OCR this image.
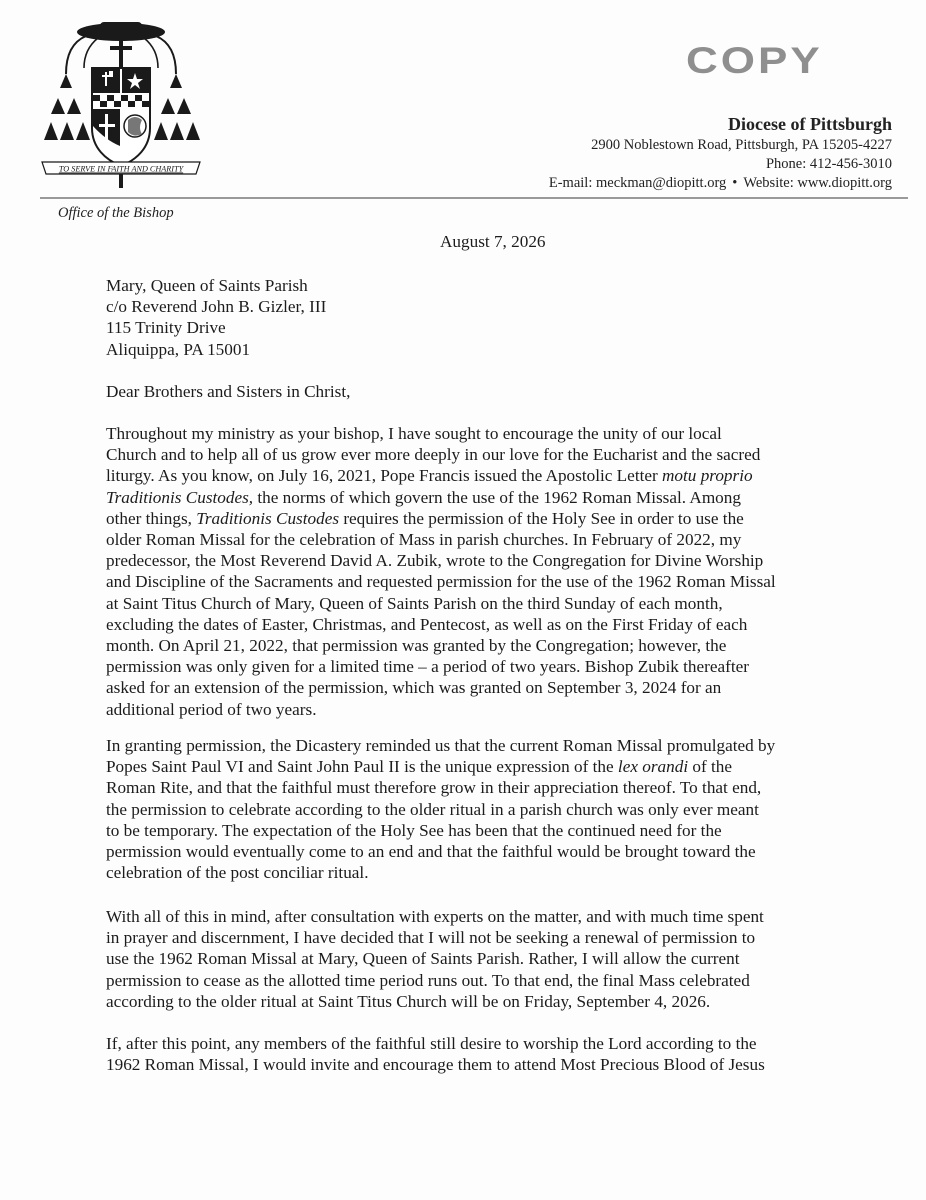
TO SERVE IN FAITH AND CHARITY
COPY
Diocese of Pittsburgh
2900 Noblestown Road, Pittsburgh, PA 15205-4227
Phone: 412-456-3010
E-mail: meckman@diopitt.org • Website: www.diopitt.org
Office of the Bishop
August 7, 2026
Mary, Queen of Saints Parish
c/o Reverend John B. Gizler, III
115 Trinity Drive
Aliquippa, PA 15001
Dear Brothers and Sisters in Christ,
Throughout my ministry as your bishop, I have sought to encourage the unity of our local
Church and to help all of us grow ever more deeply in our love for the Eucharist and the sacred
liturgy. As you know, on July 16, 2021, Pope Francis issued the Apostolic Letter motu proprio
Traditionis Custodes, the norms of which govern the use of the 1962 Roman Missal. Among
other things, Traditionis Custodes requires the permission of the Holy See in order to use the
older Roman Missal for the celebration of Mass in parish churches. In February of 2022, my
predecessor, the Most Reverend David A. Zubik, wrote to the Congregation for Divine Worship
and Discipline of the Sacraments and requested permission for the use of the 1962 Roman Missal
at Saint Titus Church of Mary, Queen of Saints Parish on the third Sunday of each month,
excluding the dates of Easter, Christmas, and Pentecost, as well as on the First Friday of each
month. On April 21, 2022, that permission was granted by the Congregation; however, the
permission was only given for a limited time – a period of two years. Bishop Zubik thereafter
asked for an extension of the permission, which was granted on September 3, 2024 for an
additional period of two years.
In granting permission, the Dicastery reminded us that the current Roman Missal promulgated by
Popes Saint Paul VI and Saint John Paul II is the unique expression of the lex orandi of the
Roman Rite, and that the faithful must therefore grow in their appreciation thereof. To that end,
the permission to celebrate according to the older ritual in a parish church was only ever meant
to be temporary. The expectation of the Holy See has been that the continued need for the
permission would eventually come to an end and that the faithful would be brought toward the
celebration of the post conciliar ritual.
With all of this in mind, after consultation with experts on the matter, and with much time spent
in prayer and discernment, I have decided that I will not be seeking a renewal of permission to
use the 1962 Roman Missal at Mary, Queen of Saints Parish. Rather, I will allow the current
permission to cease as the allotted time period runs out. To that end, the final Mass celebrated
according to the older ritual at Saint Titus Church will be on Friday, September 4, 2026.
If, after this point, any members of the faithful still desire to worship the Lord according to the
1962 Roman Missal, I would invite and encourage them to attend Most Precious Blood of Jesus
